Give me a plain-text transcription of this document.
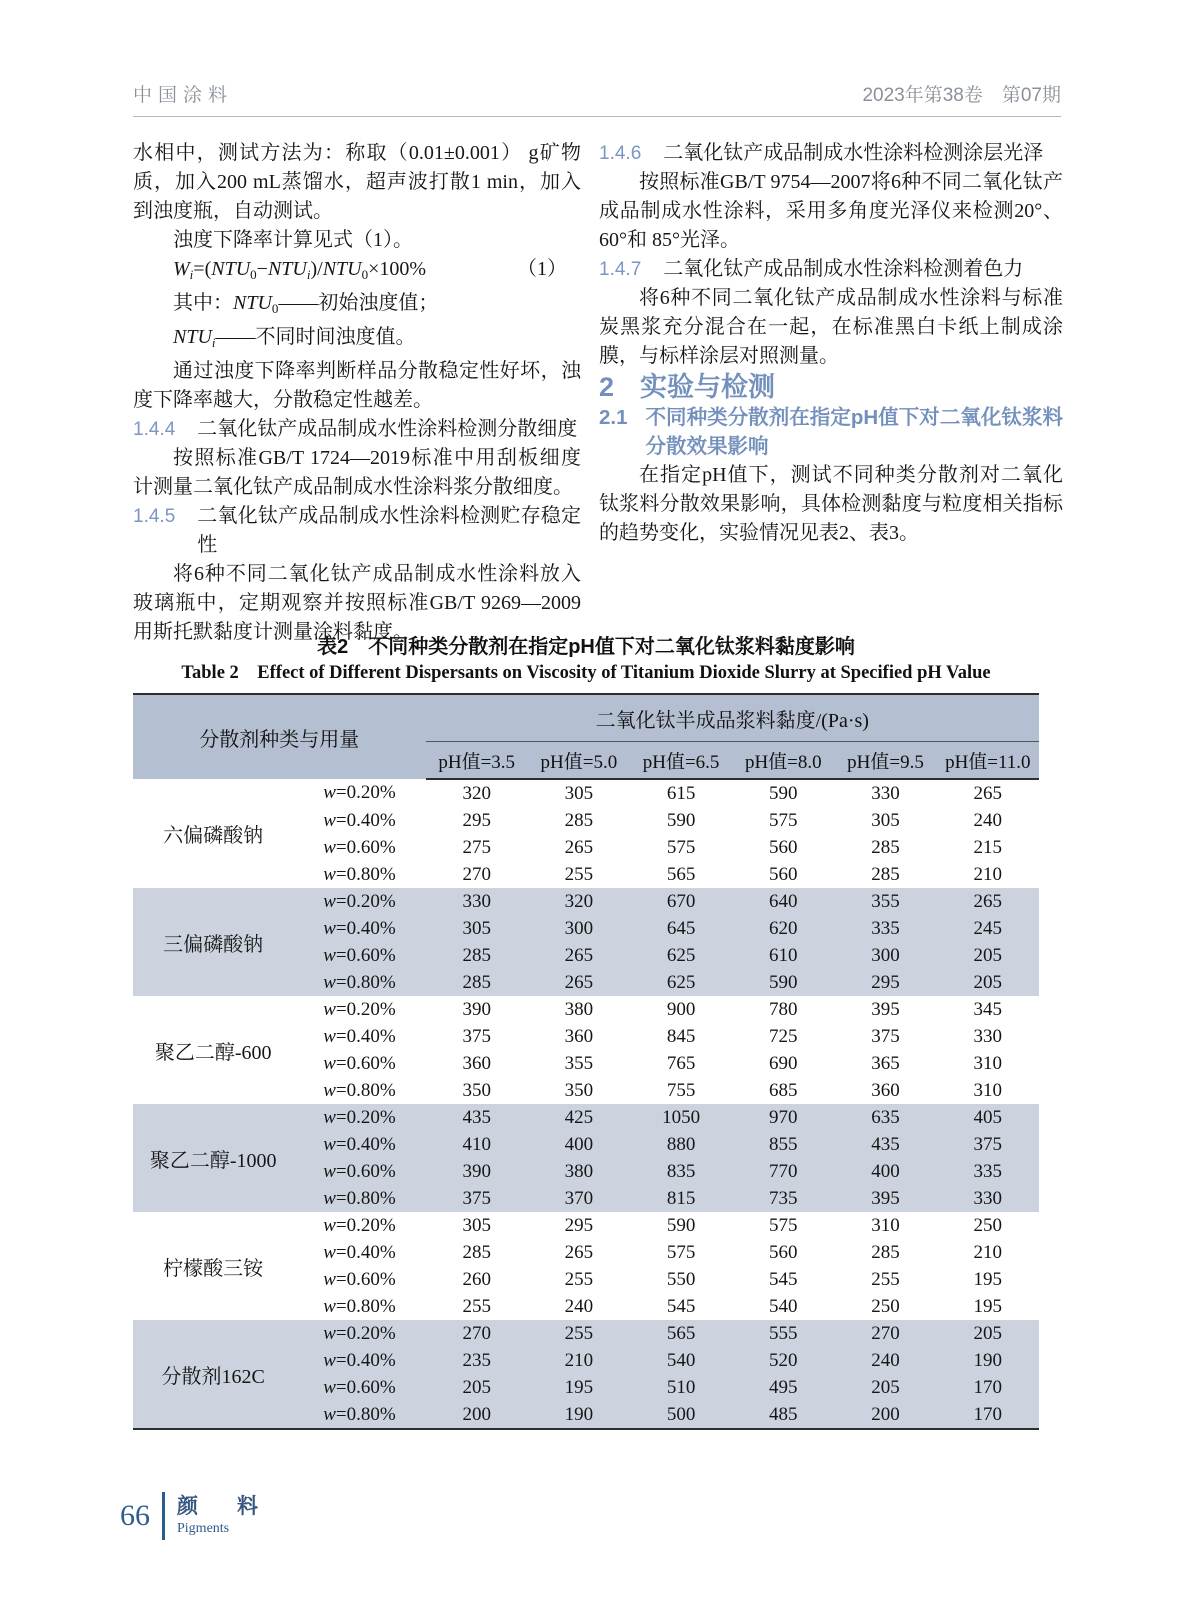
中国涂料	2023年第38卷　第07期

水相中，测试方法为：称取（0.01±0.001） g矿物质，加入200 mL蒸馏水，超声波打散1 min，加入到浊度瓶，自动测试。

浊度下降率计算见式（1）。

$W_i=(NTU_0-NTU_i)/NTU_0\times 100\%$	（1）

其中：$NTU_0——$初始浊度值；

$NTU_i——$不同时间浊度值。

通过浊度下降率判断样品分散稳定性好坏，浊度下降率越大，分散稳定性越差。

1.4.4 二氧化钛产成品制成水性涂料检测分散细度

按照标准GB/T 1724—2019标准中用刮板细度计测量二氧化钛产成品制成水性涂料浆分散细度。

1.4.5 二氧化钛产成品制成水性涂料检测贮存稳定性

将6种不同二氧化钛产成品制成水性涂料放入玻璃瓶中，定期观察并按照标准GB/T 9269—2009用斯托默黏度计测量涂料黏度。

1.4.6 二氧化钛产成品制成水性涂料检测涂层光泽

按照标准GB/T 9754—2007将6种不同二氧化钛产成品制成水性涂料，采用多角度光泽仪来检测20°、60°和 85°光泽。

1.4.7 二氧化钛产成品制成水性涂料检测着色力

将6种不同二氧化钛产成品制成水性涂料与标准炭黑浆充分混合在一起，在标准黑白卡纸上制成涂膜，与标样涂层对照测量。

2 实验与检测

2.1 不同种类分散剂在指定pH值下对二氧化钛浆料分散效果影响

在指定pH值下，测试不同种类分散剂对二氧化钛浆料分散效果影响，具体检测黏度与粒度相关指标的趋势变化，实验情况见表2、表3。

表2　不同种类分散剂在指定pH值下对二氧化钛浆料黏度影响

Table 2　Effect of Different Dispersants on Viscosity of Titanium Dioxide Slurry at Specified pH Value

分散剂种类与用量		二氧化钛半成品浆料黏度/(Pa·s)					
		pH值=3.5	pH值=5.0	pH值=6.5	pH值=8.0	pH值=9.5	pH值=11.0
六偏磷酸钠	w=0.20%	320	305	615	590	330	265
	w=0.40%	295	285	590	575	305	240
	w=0.60%	275	265	575	560	285	215
	w=0.80%	270	255	565	560	285	210
三偏磷酸钠	w=0.20%	330	320	670	640	355	265
	w=0.40%	305	300	645	620	335	245
	w=0.60%	285	265	625	610	300	205
	w=0.80%	285	265	625	590	295	205
聚乙二醇-600	w=0.20%	390	380	900	780	395	345
	w=0.40%	375	360	845	725	375	330
	w=0.60%	360	355	765	690	365	310
	w=0.80%	350	350	755	685	360	310
聚乙二醇-1000	w=0.20%	435	425	1050	970	635	405
	w=0.40%	410	400	880	855	435	375
	w=0.60%	390	380	835	770	400	335
	w=0.80%	375	370	815	735	395	330
柠檬酸三铵	w=0.20%	305	295	590	575	310	250
	w=0.40%	285	265	575	560	285	210
	w=0.60%	260	255	550	545	255	195
	w=0.80%	255	240	545	540	250	195
分散剂162C	w=0.20%	270	255	565	555	270	205
	w=0.40%	235	210	540	520	240	190
	w=0.60%	205	195	510	495	205	170
	w=0.80%	200	190	500	485	200	170
66 颜　料
Pigments
